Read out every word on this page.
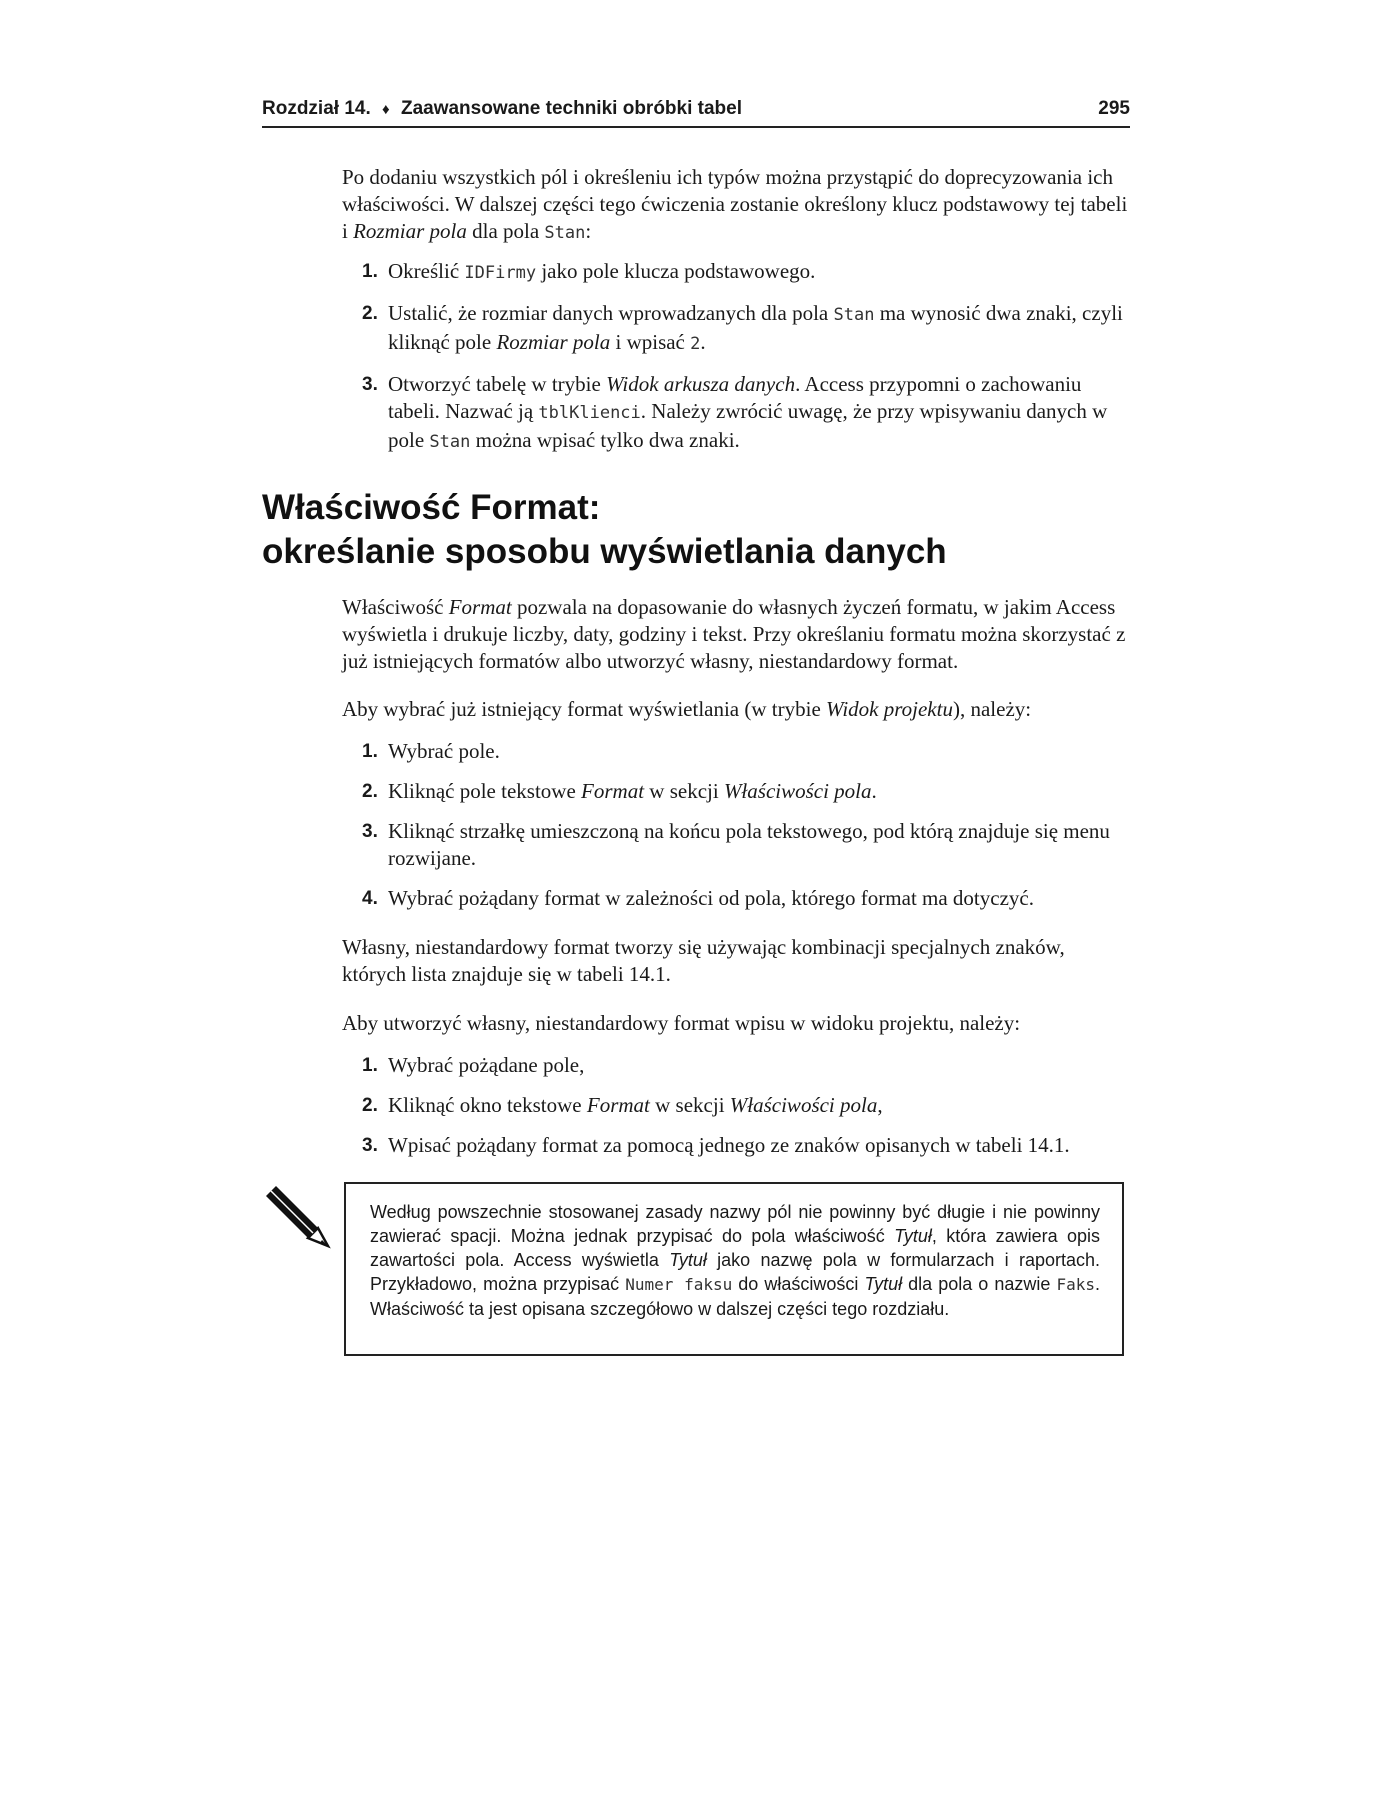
Rozdział 14. ♦ Zaawansowane techniki obróbki tabel	295

Po dodaniu wszystkich pól i określeniu ich typów można przystąpić do doprecyzowania ich właściwości. W dalszej części tego ćwiczenia zostanie określony klucz podstawowy tej tabeli i Rozmiar pola dla pola Stan:

1. Określić IDFirmy jako pole klucza podstawowego.
2. Ustalić, że rozmiar danych wprowadzanych dla pola Stan ma wynosić dwa znaki, czyli kliknąć pole Rozmiar pola i wpisać 2.
3. Otworzyć tabelę w trybie Widok arkusza danych. Access przypomni o zachowaniu tabeli. Nazwać ją tblKlienci. Należy zwrócić uwagę, że przy wpisywaniu danych w pole Stan można wpisać tylko dwa znaki.
Właściwość Format:
określanie sposobu wyświetlania danych

Właściwość Format pozwala na dopasowanie do własnych życzeń formatu, w jakim Access wyświetla i drukuje liczby, daty, godziny i tekst. Przy określaniu formatu można skorzystać z już istniejących formatów albo utworzyć własny, niestandardowy format.

Aby wybrać już istniejący format wyświetlania (w trybie Widok projektu), należy:

1. Wybrać pole.
2. Kliknąć pole tekstowe Format w sekcji Właściwości pola.
3. Kliknąć strzałkę umieszczoną na końcu pola tekstowego, pod którą znajduje się menu rozwijane.
4. Wybrać pożądany format w zależności od pola, którego format ma dotyczyć.

Własny, niestandardowy format tworzy się używając kombinacji specjalnych znaków, których lista znajduje się w tabeli 14.1.

Aby utworzyć własny, niestandardowy format wpisu w widoku projektu, należy:

1. Wybrać pożądane pole,
2. Kliknąć okno tekstowe Format w sekcji Właściwości pola,
3. Wpisać pożądany format za pomocą jednego ze znaków opisanych w tabeli 14.1.
Według powszechnie stosowanej zasady nazwy pól nie powinny być długie i nie powinny zawierać spacji. Można jednak przypisać do pola właściwość Tytuł, która zawiera opis zawartości pola. Access wyświetla Tytuł jako nazwę pola w formularzach i raportach. Przykładowo, można przypisać Numer faksu do właściwości Tytuł dla pola o nazwie Faks. Właściwość ta jest opisana szczegółowo w dalszej części tego rozdziału.
